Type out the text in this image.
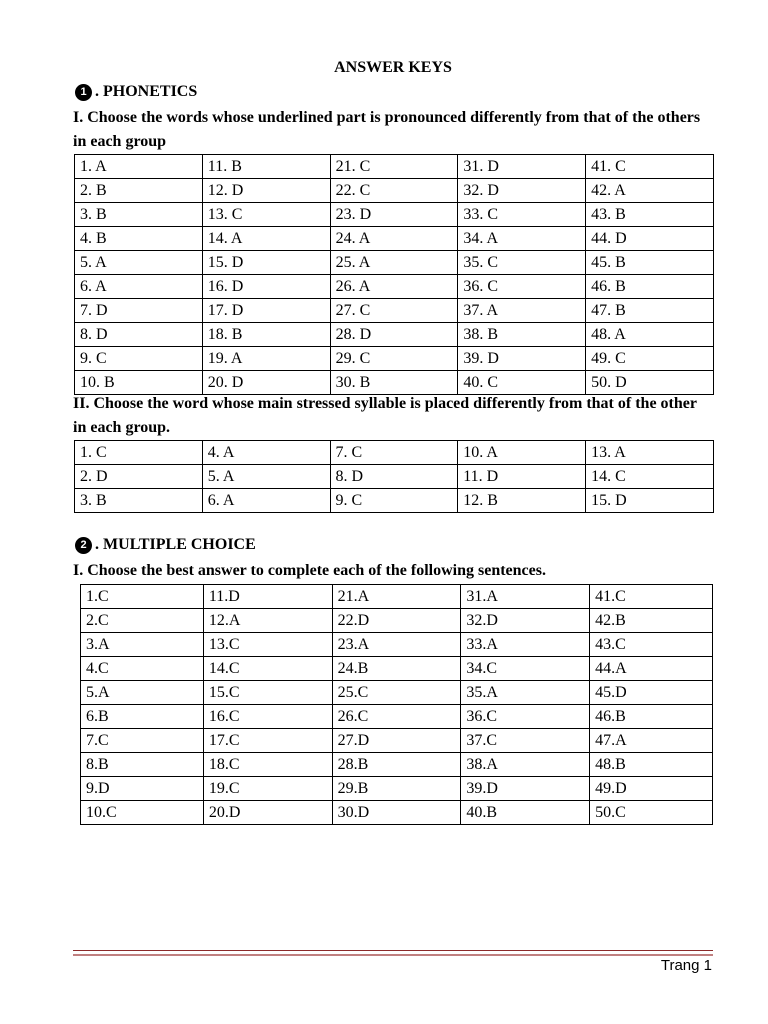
ANSWER KEYS
1 . PHONETICS
I. Choose the words whose underlined part is pronounced differently from that of the others in each group
1. A	11. B	21. C	31. D	41. C
2. B	12. D	22. C	32. D	42. A
3. B	13. C	23. D	33. C	43. B
4. B	14. A	24. A	34. A	44. D
5. A	15. D	25. A	35. C	45. B
6. A	16. D	26. A	36. C	46. B
7. D	17. D	27. C	37. A	47. B
8. D	18. B	28. D	38. B	48. A
9. C	19. A	29. C	39. D	49. C
10. B	20. D	30. B	40. C	50. D
II. Choose the word whose main stressed syllable is placed differently from that of the other in each group.
1. C	4. A	7. C	10. A	13. A
2. D	5. A	8. D	11. D	14. C
3. B	6. A	9. C	12. B	15. D
2 . MULTIPLE CHOICE
I. Choose the best answer to complete each of the following sentences.
1.C	11.D	21.A	31.A	41.C
2.C	12.A	22.D	32.D	42.B
3.A	13.C	23.A	33.A	43.C
4.C	14.C	24.B	34.C	44.A
5.A	15.C	25.C	35.A	45.D
6.B	16.C	26.C	36.C	46.B
7.C	17.C	27.D	37.C	47.A
8.B	18.C	28.B	38.A	48.B
9.D	19.C	29.B	39.D	49.D
10.C	20.D	30.D	40.B	50.C
Trang 1
